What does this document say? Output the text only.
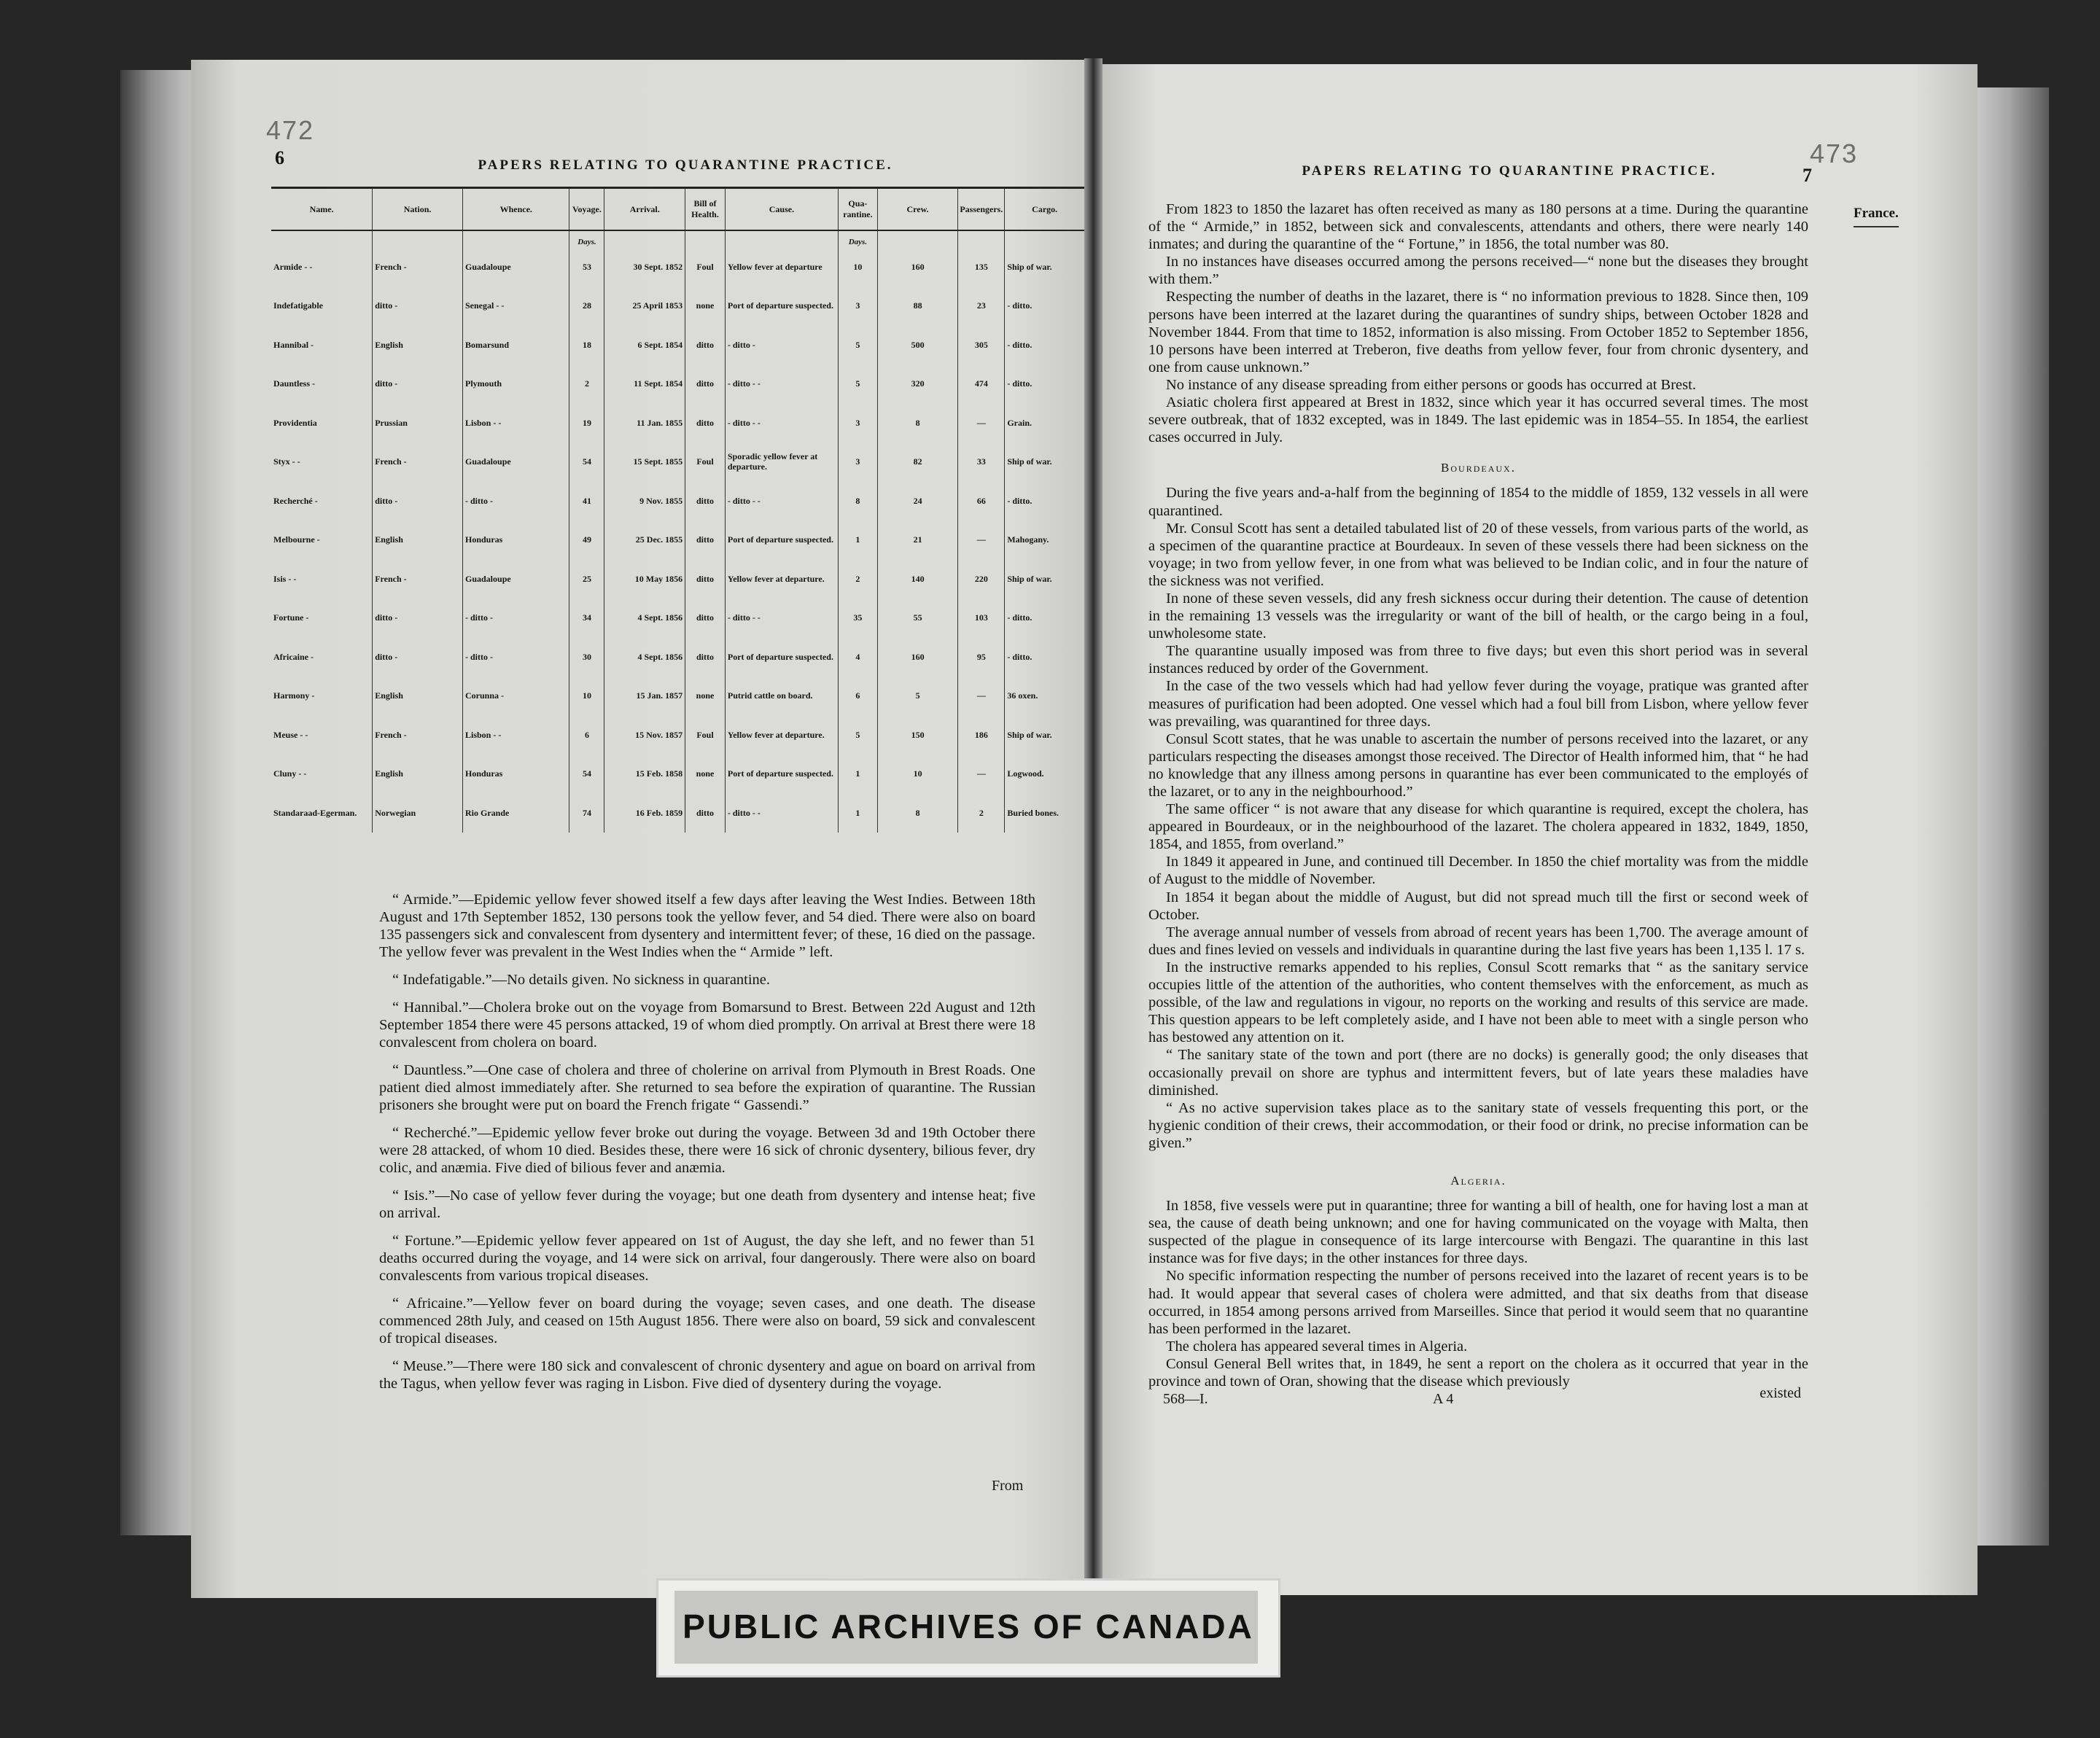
472
6	PAPERS RELATING TO QUARANTINE PRACTICE.
Name.	Nation.	Whence.	Voyage.	Arrival.	Bill of Health.	Cause.	Qua-rantine.	Crew.	Passengers.	Cargo.
			Days.				Days.			
Armide - -	French -	Guadaloupe	53	30 Sept. 1852	Foul	Yellow fever at departure	10	160	135	Ship of war.
Indefatigable	ditto -	Senegal - -	28	25 April 1853	none	Port of departure suspected.	3	88	23	- ditto.
Hannibal -	English	Bomarsund	18	6 Sept. 1854	ditto	- ditto -	5	500	305	- ditto.
Dauntless -	ditto -	Plymouth	2	11 Sept. 1854	ditto	- ditto - -	5	320	474	- ditto.
Providentia	Prussian	Lisbon - -	19	11 Jan. 1855	ditto	- ditto - -	3	8	—	Grain.
Styx - -	French -	Guadaloupe	54	15 Sept. 1855	Foul	Sporadic yellow fever at departure.	3	82	33	Ship of war.
Recherché -	ditto -	- ditto -	41	9 Nov. 1855	ditto	- ditto - -	8	24	66	- ditto.
Melbourne -	English	Honduras	49	25 Dec. 1855	ditto	Port of departure suspected.	1	21	—	Mahogany.
Isis - -	French -	Guadaloupe	25	10 May 1856	ditto	Yellow fever at departure.	2	140	220	Ship of war.
Fortune -	ditto -	- ditto -	34	4 Sept. 1856	ditto	- ditto - -	35	55	103	- ditto.
Africaine -	ditto -	- ditto -	30	4 Sept. 1856	ditto	Port of departure suspected.	4	160	95	- ditto.
Harmony -	English	Corunna -	10	15 Jan. 1857	none	Putrid cattle on board.	6	5	—	36 oxen.
Meuse - -	French -	Lisbon - -	6	15 Nov. 1857	Foul	Yellow fever at departure.	5	150	186	Ship of war.
Cluny - -	English	Honduras	54	15 Feb. 1858	none	Port of departure suspected.	1	10	—	Logwood.
Standaraad-Egerman.	Norwegian	Rio Grande	74	16 Feb. 1859	ditto	- ditto - -	1	8	2	Buried bones.

“ Armide.”—Epidemic yellow fever showed itself a few days after leaving the West Indies. Between 18th August and 17th September 1852, 130 persons took the yellow fever, and 54 died. There were also on board 135 passengers sick and convalescent from dysentery and intermittent fever; of these, 16 died on the passage. The yellow fever was prevalent in the West Indies when the “ Armide ” left.

“ Indefatigable.”—No details given. No sickness in quarantine.

“ Hannibal.”—Cholera broke out on the voyage from Bomarsund to Brest. Between 22d August and 12th September 1854 there were 45 persons attacked, 19 of whom died promptly. On arrival at Brest there were 18 convalescent from cholera on board.

“ Dauntless.”—One case of cholera and three of cholerine on arrival from Plymouth in Brest Roads. One patient died almost immediately after. She returned to sea before the expiration of quarantine. The Russian prisoners she brought were put on board the French frigate “ Gassendi.”

“ Recherché.”—Epidemic yellow fever broke out during the voyage. Between 3d and 19th October there were 28 attacked, of whom 10 died. Besides these, there were 16 sick of chronic dysentery, bilious fever, dry colic, and anæmia. Five died of bilious fever and anæmia.

“ Isis.”—No case of yellow fever during the voyage; but one death from dysentery and intense heat; five on arrival.

“ Fortune.”—Epidemic yellow fever appeared on 1st of August, the day she left, and no fewer than 51 deaths occurred during the voyage, and 14 were sick on arrival, four dangerously. There were also on board convalescents from various tropical diseases.

“ Africaine.”—Yellow fever on board during the voyage; seven cases, and one death. The disease commenced 28th July, and ceased on 15th August 1856. There were also on board, 59 sick and convalescent of tropical diseases.

“ Meuse.”—There were 180 sick and convalescent of chronic dysentery and ague on board on arrival from the Tagus, when yellow fever was raging in Lisbon. Five died of dysentery during the voyage.

From
473
PAPERS RELATING TO QUARANTINE PRACTICE.	7
France.

From 1823 to 1850 the lazaret has often received as many as 180 persons at a time. During the quarantine of the “ Armide,” in 1852, between sick and convalescents, attendants and others, there were nearly 140 inmates; and during the quarantine of the “ Fortune,” in 1856, the total number was 80.

In no instances have diseases occurred among the persons received—“ none but the diseases they brought with them.”

Respecting the number of deaths in the lazaret, there is “ no information previous to 1828. Since then, 109 persons have been interred at the lazaret during the quarantines of sundry ships, between October 1828 and November 1844. From that time to 1852, information is also missing. From October 1852 to September 1856, 10 persons have been interred at Treberon, five deaths from yellow fever, four from chronic dysentery, and one from cause unknown.”

No instance of any disease spreading from either persons or goods has occurred at Brest.

Asiatic cholera first appeared at Brest in 1832, since which year it has occurred several times. The most severe outbreak, that of 1832 excepted, was in 1849. The last epidemic was in 1854–55. In 1854, the earliest cases occurred in July.

Bourdeaux.

During the five years and-a-half from the beginning of 1854 to the middle of 1859, 132 vessels in all were quarantined.

Mr. Consul Scott has sent a detailed tabulated list of 20 of these vessels, from various parts of the world, as a specimen of the quarantine practice at Bourdeaux. In seven of these vessels there had been sickness on the voyage; in two from yellow fever, in one from what was believed to be Indian colic, and in four the nature of the sickness was not verified.

In none of these seven vessels, did any fresh sickness occur during their detention. The cause of detention in the remaining 13 vessels was the irregularity or want of the bill of health, or the cargo being in a foul, unwholesome state.

The quarantine usually imposed was from three to five days; but even this short period was in several instances reduced by order of the Government.

In the case of the two vessels which had had yellow fever during the voyage, pratique was granted after measures of purification had been adopted. One vessel which had a foul bill from Lisbon, where yellow fever was prevailing, was quarantined for three days.

Consul Scott states, that he was unable to ascertain the number of persons received into the lazaret, or any particulars respecting the diseases amongst those received. The Director of Health informed him, that “ he had no knowledge that any illness among persons in quarantine has ever been communicated to the employés of the lazaret, or to any in the neighbourhood.”

The same officer “ is not aware that any disease for which quarantine is required, except the cholera, has appeared in Bourdeaux, or in the neighbourhood of the lazaret. The cholera appeared in 1832, 1849, 1850, 1854, and 1855, from overland.”

In 1849 it appeared in June, and continued till December. In 1850 the chief mortality was from the middle of August to the middle of November.

In 1854 it began about the middle of August, but did not spread much till the first or second week of October.

The average annual number of vessels from abroad of recent years has been 1,700. The average amount of dues and fines levied on vessels and individuals in quarantine during the last five years has been 1,135 l. 17 s.

In the instructive remarks appended to his replies, Consul Scott remarks that “ as the sanitary service occupies little of the attention of the authorities, who content themselves with the enforcement, as much as possible, of the law and regulations in vigour, no reports on the working and results of this service are made. This question appears to be left completely aside, and I have not been able to meet with a single person who has bestowed any attention on it.

“ The sanitary state of the town and port (there are no docks) is generally good; the only diseases that occasionally prevail on shore are typhus and intermittent fevers, but of late years these maladies have diminished.

“ As no active supervision takes place as to the sanitary state of vessels frequenting this port, or the hygienic condition of their crews, their accommodation, or their food or drink, no precise information can be given.”

Algeria.

In 1858, five vessels were put in quarantine; three for wanting a bill of health, one for having lost a man at sea, the cause of death being unknown; and one for having communicated on the voyage with Malta, then suspected of the plague in consequence of its large intercourse with Bengazi. The quarantine in this last instance was for five days; in the other instances for three days.

No specific information respecting the number of persons received into the lazaret of recent years is to be had. It would appear that several cases of cholera were admitted, and that six deaths from that disease occurred, in 1854 among persons arrived from Marseilles. Since that period it would seem that no quarantine has been performed in the lazaret.

The cholera has appeared several times in Algeria.

Consul General Bell writes that, in 1849, he sent a report on the cholera as it occurred that year in the province and town of Oran, showing that the disease which previously

568—I.	A 4	existed
PUBLIC ARCHIVES OF CANADA
